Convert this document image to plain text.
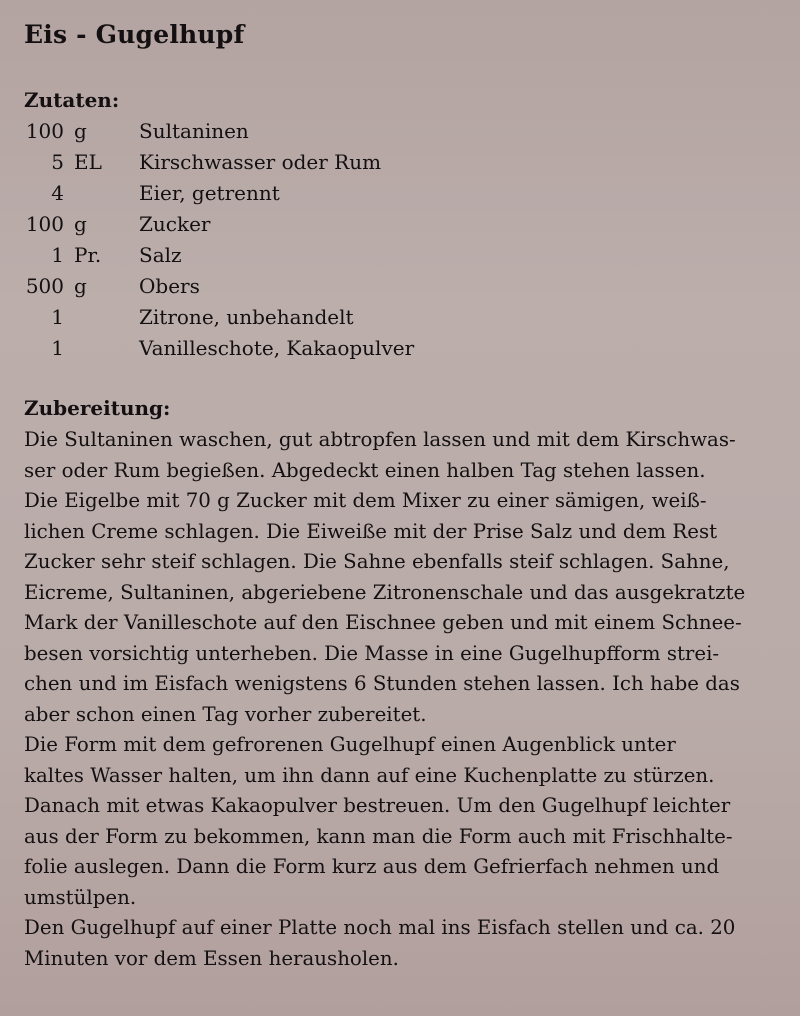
Eis - Gugelhupf
Zutaten:
100 g	Sultaninen
5 EL Kirschwasser oder Rum
4	Eier, getrennt
100 g	Zucker
1 Pr. Salz
500 g	Obers
1	Zitrone, unbehandelt
1	Vanilleschote, Kakaopulver
Zubereitung:
Die Sultaninen waschen, gut abtropfen lassen und mit dem Kirschwas-
ser oder Rum begießen. Abgedeckt einen halben Tag stehen lassen.
Die Eigelbe mit 70 g Zucker mit dem Mixer zu einer sämigen, weiß-
lichen Creme schlagen. Die Eiweiße mit der Prise Salz und dem Rest
Zucker sehr steif schlagen. Die Sahne ebenfalls steif schlagen. Sahne,
Eicreme, Sultaninen, abgeriebene Zitronenschale und das ausgekratzte
Mark der Vanilleschote auf den Eischnee geben und mit einem Schnee-
besen vorsichtig unterheben. Die Masse in eine Gugelhupfform strei-
chen und im Eisfach wenigstens 6 Stunden stehen lassen. Ich habe das
aber schon einen Tag vorher zubereitet.
Die Form mit dem gefrorenen Gugelhupf einen Augenblick unter
kaltes Wasser halten, um ihn dann auf eine Kuchenplatte zu stürzen.
Danach mit etwas Kakaopulver bestreuen. Um den Gugelhupf leichter
aus der Form zu bekommen, kann man die Form auch mit Frischhalte-
folie auslegen. Dann die Form kurz aus dem Gefrierfach nehmen und
umstülpen.
Den Gugelhupf auf einer Platte noch mal ins Eisfach stellen und ca. 20
Minuten vor dem Essen herausholen.
